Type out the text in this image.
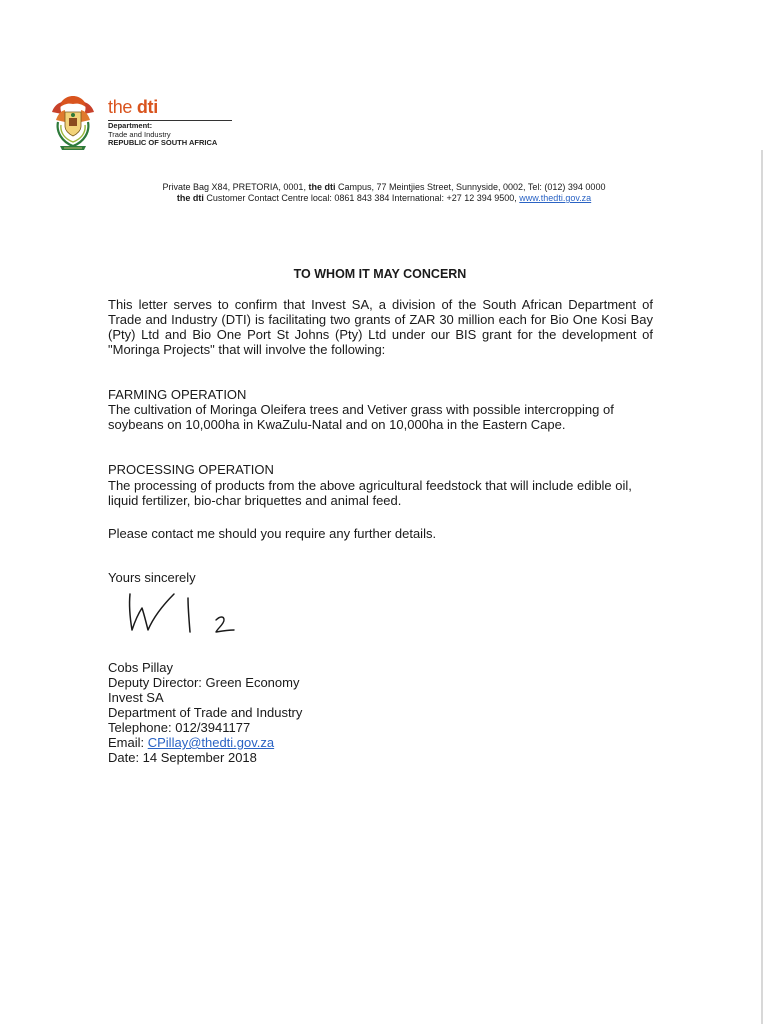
the dti
Department:
Trade and Industry
REPUBLIC OF SOUTH AFRICA
Private Bag X84, PRETORIA, 0001, the dti Campus, 77 Meintjies Street, Sunnyside, 0002, Tel: (012) 394 0000
the dti Customer Contact Centre local: 0861 843 384 International: +27 12 394 9500, www.thedti.gov.za
TO WHOM IT MAY CONCERN
This letter serves to confirm that Invest SA, a division of the South African Department of Trade and Industry (DTI) is facilitating two grants of ZAR 30 million each for Bio One Kosi Bay (Pty) Ltd and Bio One Port St Johns (Pty) Ltd under our BIS grant for the development of "Moringa Projects" that will involve the following:
FARMING OPERATION
The cultivation of Moringa Oleifera trees and Vetiver grass with possible intercropping of soybeans on 10,000ha in KwaZulu-Natal and on 10,000ha in the Eastern Cape.
PROCESSING OPERATION
The processing of products from the above agricultural feedstock that will include edible oil, liquid fertilizer, bio-char briquettes and animal feed.
Please contact me should you require any further details.
Yours sincerely
Cobs Pillay
Deputy Director: Green Economy
Invest SA
Department of Trade and Industry
Telephone: 012/3941177
Email: CPillay@thedti.gov.za
Date: 14 September 2018
